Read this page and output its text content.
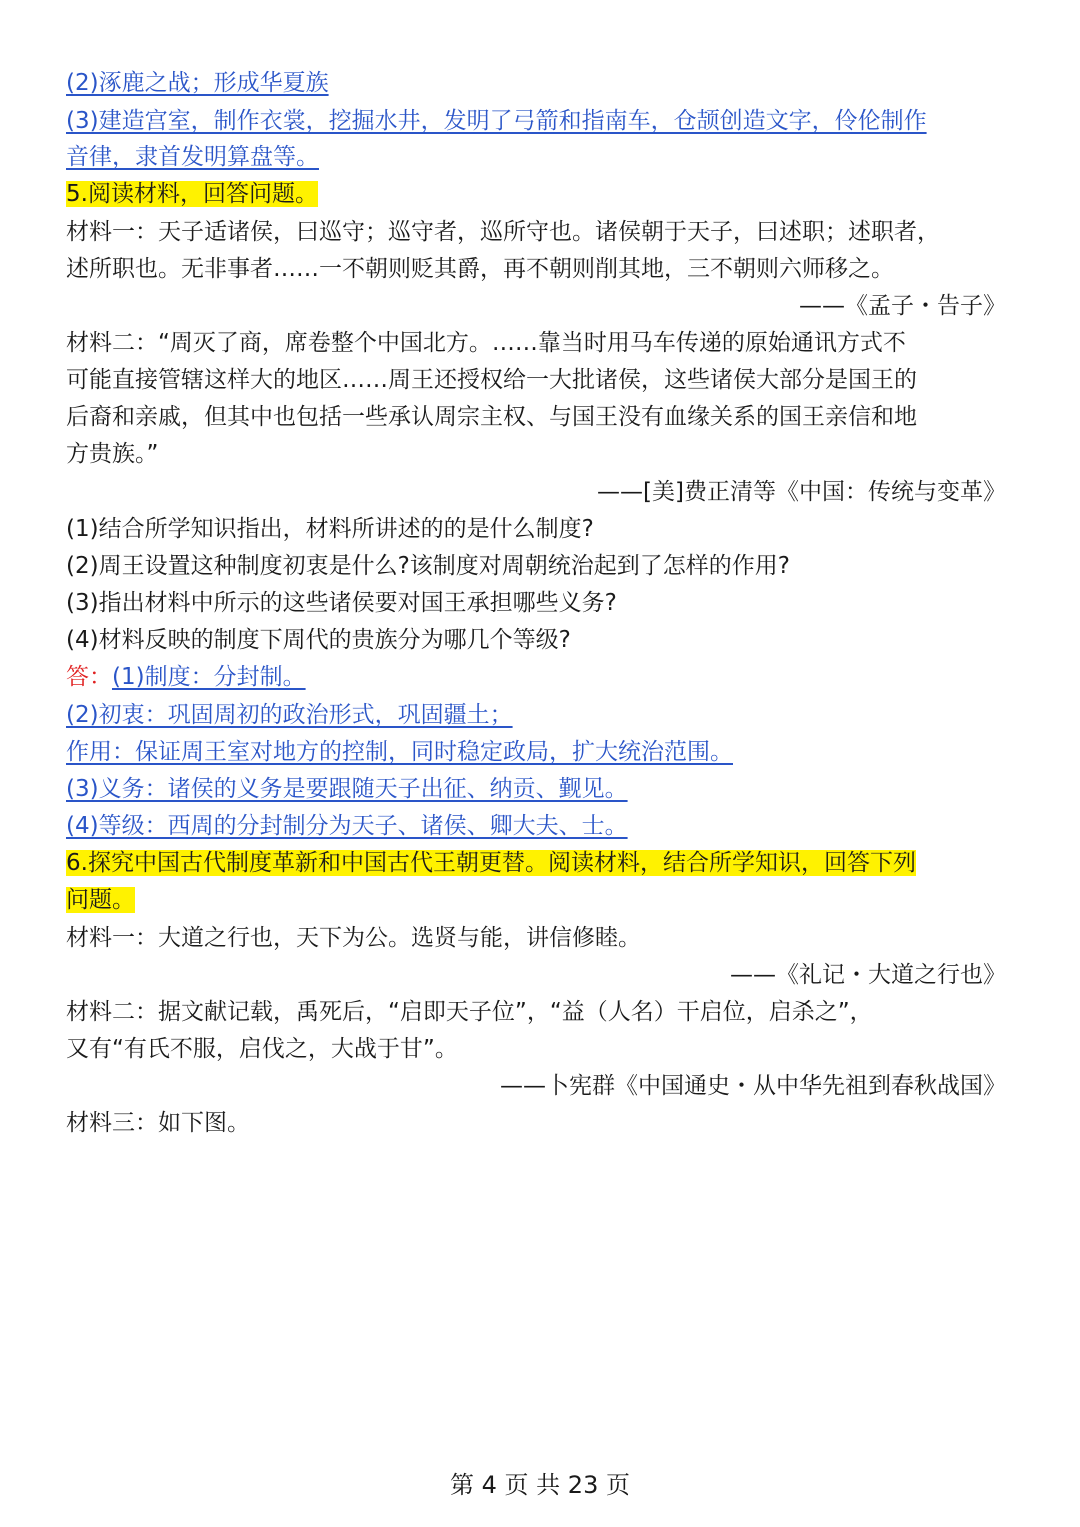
(2)涿鹿之战；形成华夏族
(3)建造宫室，制作衣裳，挖掘水井，发明了弓箭和指南车，仓颉创造文字，伶伦制作
音律，隶首发明算盘等。
5.阅读材料，回答问题。
材料一：天子适诸侯，曰巡守；巡守者，巡所守也。诸侯朝于天子，曰述职；述职者，
述所职也。无非事者……一不朝则贬其爵，再不朝则削其地，三不朝则六师移之。
——《孟子・告子》
材料二：“周灭了商，席卷整个中国北方。……靠当时用马车传递的原始通讯方式不
可能直接管辖这样大的地区……周王还授权给一大批诸侯，这些诸侯大部分是国王的
后裔和亲戚，但其中也包括一些承认周宗主权、与国王没有血缘关系的国王亲信和地
方贵族。”
——[美]费正清等《中国：传统与变革》
(1)结合所学知识指出，材料所讲述的的是什么制度?
(2)周王设置这种制度初衷是什么?该制度对周朝统治起到了怎样的作用?
(3)指出材料中所示的这些诸侯要对国王承担哪些义务?
(4)材料反映的制度下周代的贵族分为哪几个等级?
答：(1)制度：分封制。
(2)初衷：巩固周初的政治形式，巩固疆土；
作用：保证周王室对地方的控制，同时稳定政局，扩大统治范围。
(3)义务：诸侯的义务是要跟随天子出征、纳贡、觐见。
(4)等级：西周的分封制分为天子、诸侯、卿大夫、士。
6.探究中国古代制度革新和中国古代王朝更替。阅读材料，结合所学知识，回答下列
问题。
材料一：大道之行也，天下为公。选贤与能，讲信修睦。
——《礼记・大道之行也》
材料二：据文献记载，禹死后，“启即天子位”，“益（人名）干启位，启杀之”，
又有“有氏不服，启伐之，大战于甘”。
——卜宪群《中国通史・从中华先祖到春秋战国》
材料三：如下图。
第 4 页 共 23 页
